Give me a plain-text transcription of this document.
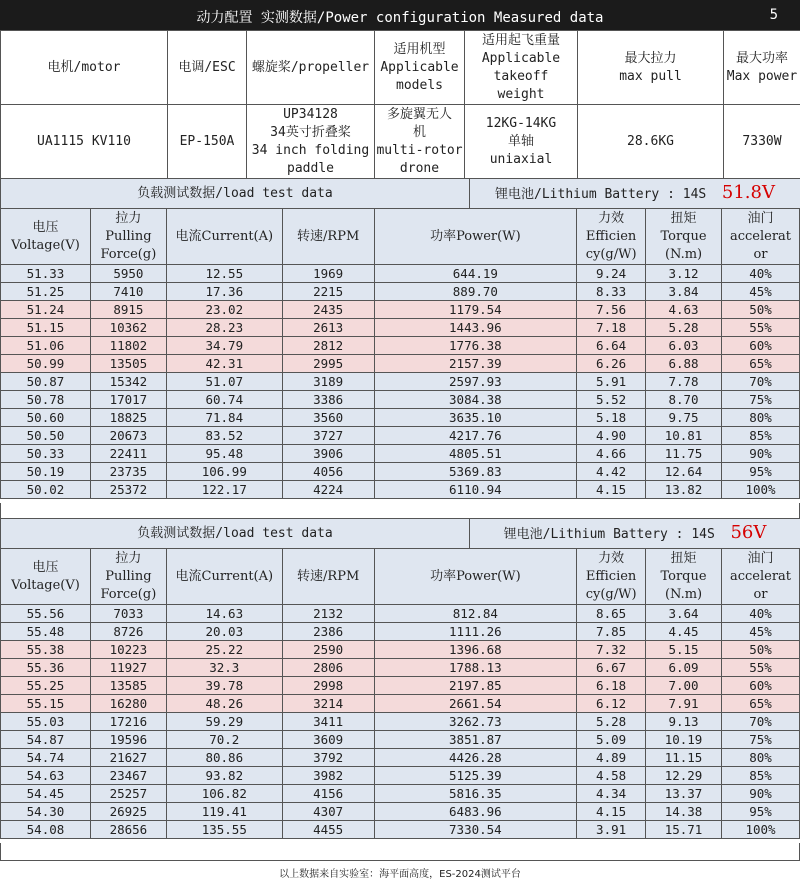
动力配置 实测数据/Power configuration Measured data	5
电机/motor	电调/ESC	螺旋桨/propeller	适用机型
Applicable
models	适用起飞重量
Applicable
takeoff
weight	最大拉力
max pull	最大功率
Max power
UA1115 KV110	EP-150A	UP34128
34英寸折叠桨
34 inch folding
paddle	多旋翼无人
机
multi-rotor
drone	12KG-14KG
单轴
uniaxial	28.6KG	7330W
负载测试数据/load test data	锂电池/Lithium Battery : 14S 51.8V
电压
Voltage(V)	拉力
Pulling
Force(g)	电流Current(A)	转速/RPM	功率Power(W)	力效
Efficien
cy(g/W)	扭矩
Torque
(N.m)	油门
accelerat
or
51.33	5950	12.55	1969	644.19	9.24	3.12	40%
51.25	7410	17.36	2215	889.70	8.33	3.84	45%
51.24	8915	23.02	2435	1179.54	7.56	4.63	50%
51.15	10362	28.23	2613	1443.96	7.18	5.28	55%
51.06	11802	34.79	2812	1776.38	6.64	6.03	60%
50.99	13505	42.31	2995	2157.39	6.26	6.88	65%
50.87	15342	51.07	3189	2597.93	5.91	7.78	70%
50.78	17017	60.74	3386	3084.38	5.52	8.70	75%
50.60	18825	71.84	3560	3635.10	5.18	9.75	80%
50.50	20673	83.52	3727	4217.76	4.90	10.81	85%
50.33	22411	95.48	3906	4805.51	4.66	11.75	90%
50.19	23735	106.99	4056	5369.83	4.42	12.64	95%
50.02	25372	122.17	4224	6110.94	4.15	13.82	100%
负载测试数据/load test data	锂电池/Lithium Battery : 14S 56V
电压
Voltage(V)	拉力
Pulling
Force(g)	电流Current(A)	转速/RPM	功率Power(W)	力效
Efficien
cy(g/W)	扭矩
Torque
(N.m)	油门
accelerat
or
55.56	7033	14.63	2132	812.84	8.65	3.64	40%
55.48	8726	20.03	2386	1111.26	7.85	4.45	45%
55.38	10223	25.22	2590	1396.68	7.32	5.15	50%
55.36	11927	32.3	2806	1788.13	6.67	6.09	55%
55.25	13585	39.78	2998	2197.85	6.18	7.00	60%
55.15	16280	48.26	3214	2661.54	6.12	7.91	65%
55.03	17216	59.29	3411	3262.73	5.28	9.13	70%
54.87	19596	70.2	3609	3851.87	5.09	10.19	75%
54.74	21627	80.86	3792	4426.28	4.89	11.15	80%
54.63	23467	93.82	3982	5125.39	4.58	12.29	85%
54.45	25257	106.82	4156	5816.35	4.34	13.37	90%
54.30	26925	119.41	4307	6483.96	4.15	14.38	95%
54.08	28656	135.55	4455	7330.54	3.91	15.71	100%
以上数据来自实验室：海平面高度，ES-2024测试平台
